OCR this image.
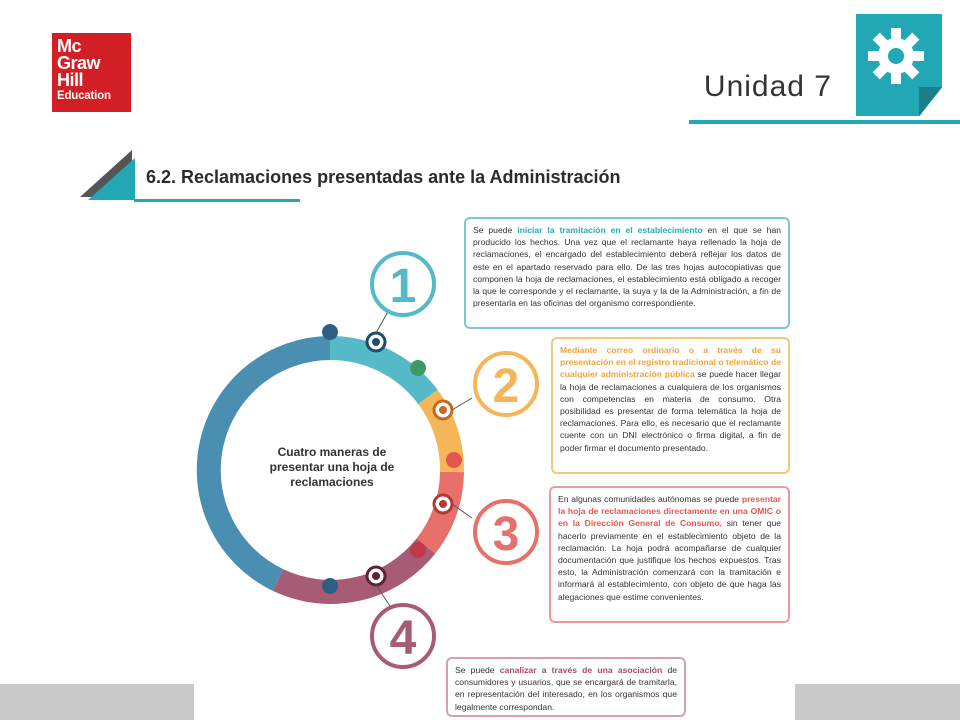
Mc
Graw
Hill
Education	Unidad 7
6.2. Reclamaciones presentadas ante la Administración
2
3
1
4
Cuatro maneras de presentar una hoja de reclamaciones
Se puede iniciar la tramitación en el establecimiento en el que se han producido los hechos. Una vez que el reclamante haya rellenado la hoja de reclamaciones, el encargado del establecimiento deberá reflejar los datos de este en el apartado reservado para ello. De las tres hojas autocopiativas que componen la hoja de reclamaciones, el establecimiento está obligado a recoger la que le corresponde y el reclamante, la suya y la de la Administración, a fin de presentarla en las oficinas del organismo correspondiente.
Mediante correo ordinario o a través de su presentación en el registro tradicional o telemático de cualquier administración pública se puede hacer llegar la hoja de reclamaciones a cualquiera de los organismos con competencias en materia de consumo. Otra posibilidad es presentar de forma telemática la hoja de reclamaciones. Para ello, es necesario que el reclamante cuente con un DNI electrónico o firma digital, a fin de poder firmar el documento presentado.
En algunas comunidades autónomas se puede presentar la hoja de reclamaciones directamente en una OMIC o en la Dirección General de Consumo, sin tener que hacerlo previamente en el establecimiento objeto de la reclamación. La hoja podrá acompañarse de cualquier documentación que justifique los hechos expuestos. Tras esto, la Administración comenzará con la tramitación e informará al establecimiento, con objeto de que haga las alegaciones que estime convenientes.
Se puede canalizar a través de una asociación de consumidores y usuarios, que se encargará de tramitarla, en representación del interesado, en los organismos que legalmente correspondan.
